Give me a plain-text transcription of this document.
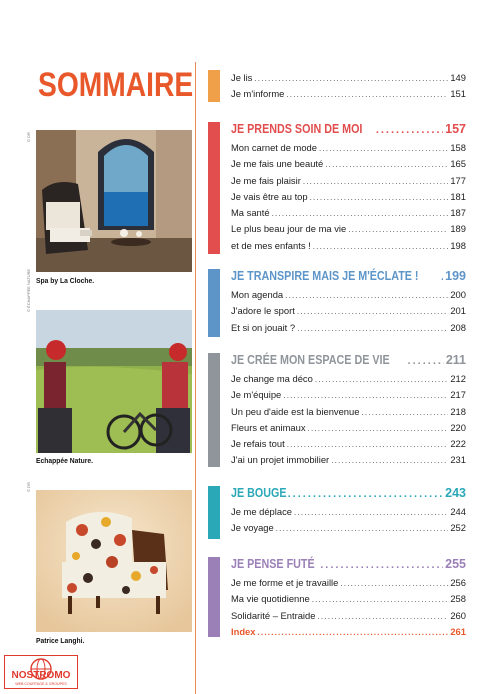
SOMMAIRE
© DR
Spa by La Cloche.
© ÉCHAPPÉE NATURE
Echappée Nature.
© DR
Patrice Langhi.
Je lis .....	149
Je m'informe .....	151
JE PRENDS SOIN DE MOI .....	157
Mon carnet de mode .....	158
Je me fais une beauté .....	165
Je me fais plaisir .....	177
Je vais être au top .....	181
Ma santé .....	187
Le plus beau jour de ma vie .....	189
et de mes enfants ! .....	198
JE TRANSPIRE MAIS JE M'ÉCLATE ! ..... 199
Mon agenda .....	200
J'adore le sport .....	201
Et si on jouait ? .....	208
JE CRÉE MON ESPACE DE VIE .....	211
Je change ma déco .....	212
Je m'équipe .....	217
Un peu d'aide est la bienvenue .....	218
Fleurs et animaux .....	220
Je refais tout .....	222
J'ai un projet immobilier .....	231
JE BOUGE .....	243
Je me déplace .....	244
Je voyage .....	252
JE PENSE FUTÉ .....	255
Je me forme et je travaille .....	256
Ma vie quotidienne .....	258
Solidarité – Entraide .....	260
Index .....	261
NOSTROMO
WEB COURTAGE & GROUPES
